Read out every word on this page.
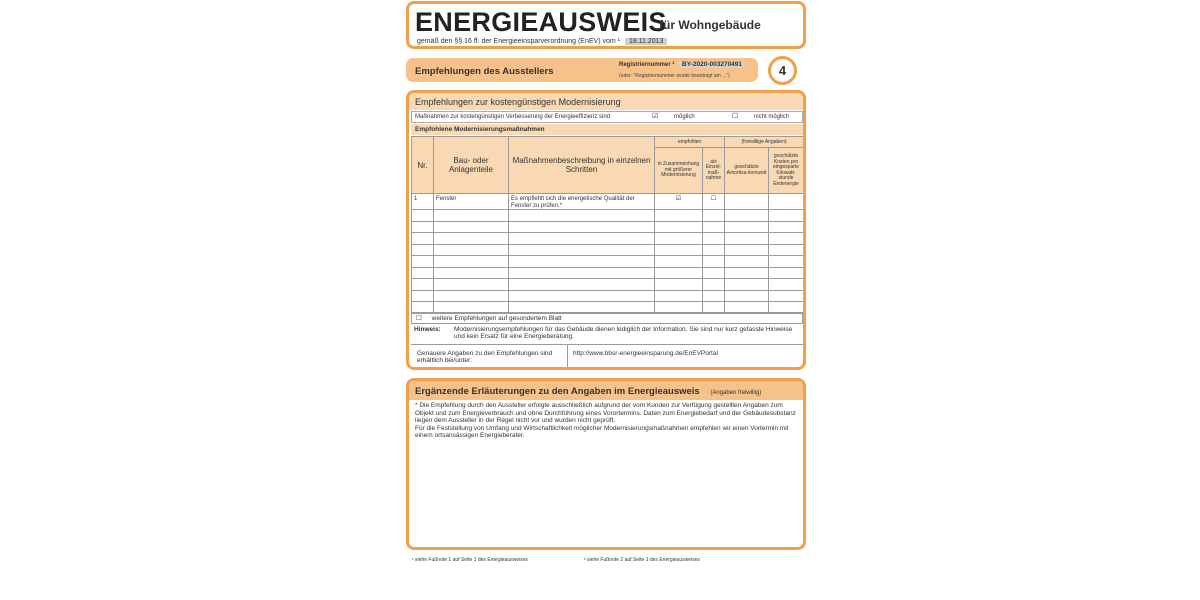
ENERGIEAUSWEIS
für Wohngebäude
gemäß den §§ 16 ff. der Energieeinsparverordnung (EnEV) vom ¹ 18.11.2013
Empfehlungen des Ausstellers
Registriernummer ² BY-2020-003270491
(oder: "Registriernummer wurde beantragt am ...")	4
Empfehlungen zur kostengünstigen Modernisierung
Maßnahmen zur kostengünstigen Verbesserung der Energieeffizienz sind	☑	möglich	☐	nicht möglich
Empfohlene Modernisierungsmaßnahmen
Nr.	Bau- oder Anlagenteile	Maßnahmenbeschreibung in einzelnen Schritten	empfohlen		(freiwillige Angaben)	
			in Zusammenhang mit größerer Modernisierung	als Einzel-maß-nahme	geschätzte Amortisa-tionszeit	geschätzte Kosten pro eingesparte Kilowatt-stunde Endenergie
1	Fenster	Es empfiehlt sich die energetische Qualität der Fenster zu prüfen.*	☑	☐		

☐ weitere Empfehlungen auf gesondertem Blatt
Hinweis: Modernisierungsempfehlungen für das Gebäude dienen lediglich der Information. Sie sind nur kurz gefasste Hinweise und kein Ersatz für eine Energieberatung.
Genauere Angaben zu den Empfehlungen sind erhältlich bei/unter:
http://www.bbsr-energieeinsparung.de/EnEVPortal
Ergänzende Erläuterungen zu den Angaben im Energieausweis (Angaben freiwillig)

* Die Empfehlung durch den Aussteller erfolgte ausschließlich aufgrund der vom Kunden zur Verfügung gestellten Angaben zum Objekt und zum Energieverbrauch und ohne Durchführung eines Vorortermins. Daten zum Energiebedarf und der Gebäudesubstanz liegen dem Aussteller in der Regel nicht vor und wurden nicht geprüft.

Für die Feststellung von Umfang und Wirtschaftlichkeit möglicher Modernisierungsmaßnahmen empfehlen wir einen Vortermin mit einem ortsansässigen Energieberater.

¹ siehe Fußnote 1 auf Seite 1 des Energieausweises	² siehe Fußnote 2 auf Seite 1 des Energieausweises
